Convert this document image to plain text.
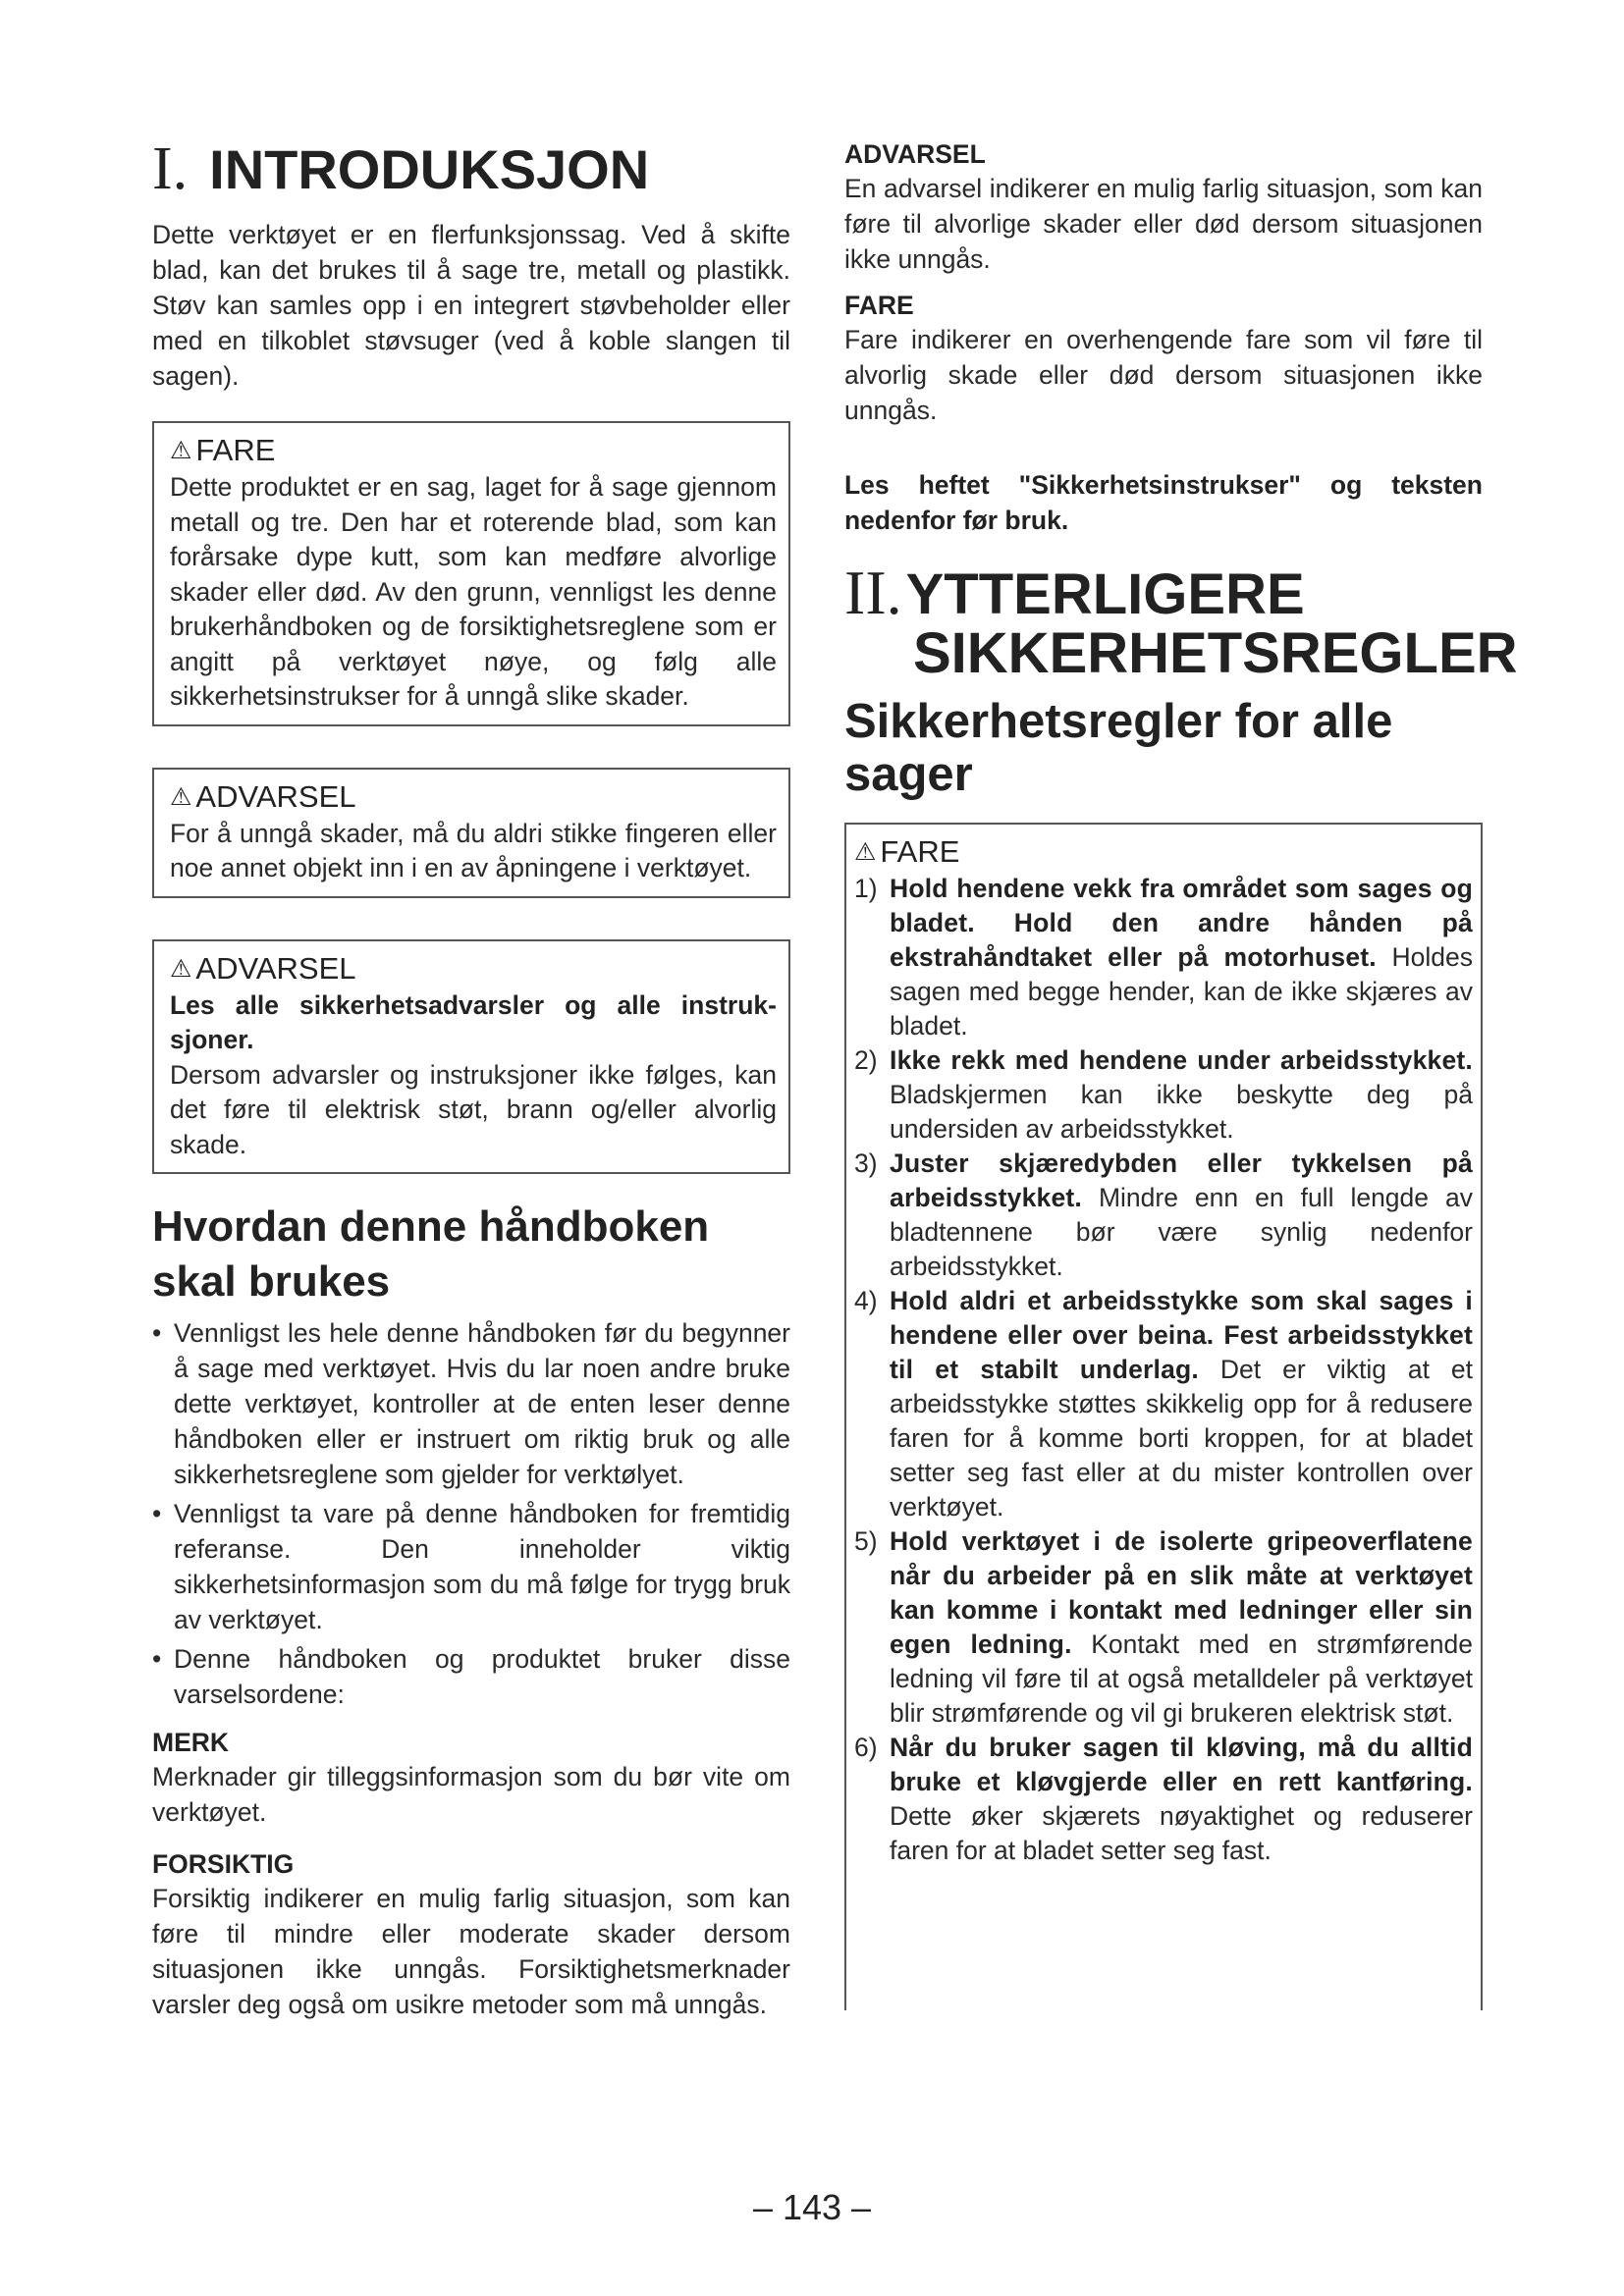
I. INTRODUKSJON

Dette verktøyet er en flerfunksjonssag. Ved å skifte blad, kan det brukes til å sage tre, metall og plastikk. Støv kan samles opp i en integrert støvbeholder eller med en tilkoblet støvsuger (ved å koble slangen til sagen).

⚠ FARE

Dette produktet er en sag, laget for å sage gjennom metall og tre. Den har et roterende blad, som kan forårsake dype kutt, som kan medføre alvorlige skader eller død. Av den grunn, vennligst les denne brukerhåndboken og de forsiktighetsreglene som er angitt på verktøyet nøye, og følg alle sikkerhetsinstrukser for å unngå slike skader.

⚠ ADVARSEL

For å unngå skader, må du aldri stikke fingeren eller noe annet objekt inn i en av åpningene i verktøyet.

⚠ ADVARSEL

Les alle sikkerhetsadvarsler og alle instruksjoner.

Dersom advarsler og instruksjoner ikke følges, kan det føre til elektrisk støt, brann og/eller alvorlig skade.

Hvordan denne håndboken skal brukes
• Vennligst les hele denne håndboken før du begynner å sage med verktøyet. Hvis du lar noen andre bruke dette verktøyet, kontroller at de enten leser denne håndboken eller er instruert om riktig bruk og alle sikkerhetsreglene som gjelder for verktølyet.
• Vennligst ta vare på denne håndboken for fremtidig referanse. Den inneholder viktig sikkerhetsinformasjon som du må følge for trygg bruk av verktøyet.
• Denne håndboken og produktet bruker disse varselsordene:
MERK

Merknader gir tilleggsinformasjon som du bør vite om verktøyet.

FORSIKTIG

Forsiktig indikerer en mulig farlig situasjon, som kan føre til mindre eller moderate skader dersom situasjonen ikke unngås. Forsiktighetsmerknader varsler deg også om usikre metoder som må unngås.

ADVARSEL

En advarsel indikerer en mulig farlig situasjon, som kan føre til alvorlige skader eller død dersom situasjonen ikke unngås.

FARE

Fare indikerer en overhengende fare som vil føre til alvorlig skade eller død dersom situasjonen ikke unngås.

Les heftet "Sikkerhetsinstrukser" og teksten nedenfor før bruk.

II.YTTERLIGERE
SIKKERHETSREGLER
Sikkerhetsregler for alle sager
⚠ FARE
1) Hold hendene vekk fra området som sages og bladet. Hold den andre hånden på ekstrahåndtaket eller på motorhuset. Holdes sagen med begge hender, kan de ikke skjæres av bladet.
2) Ikke rekk med hendene under arbeidsstykket. Bladskjermen kan ikke beskytte deg på undersiden av arbeidsstykket.
3) Juster skjæredybden eller tykkelsen på arbeidsstykket. Mindre enn en full lengde av bladtennene bør være synlig nedenfor arbeidsstykket.
4) Hold aldri et arbeidsstykke som skal sages i hendene eller over beina. Fest arbeidsstykket til et stabilt underlag. Det er viktig at et arbeidsstykke støttes skikkelig opp for å redusere faren for å komme borti kroppen, for at bladet setter seg fast eller at du mister kontrollen over verktøyet.
5) Hold verktøyet i de isolerte gripeoverflatene når du arbeider på en slik måte at verktøyet kan komme i kontakt med ledninger eller sin egen ledning. Kontakt med en strømførende ledning vil føre til at også metalldeler på verktøyet blir strømførende og vil gi brukeren elektrisk støt.
6) Når du bruker sagen til kløving, må du alltid bruke et kløvgjerde eller en rett kantføring. Dette øker skjærets nøyaktighet og reduserer faren for at bladet setter seg fast.
– 143 –
